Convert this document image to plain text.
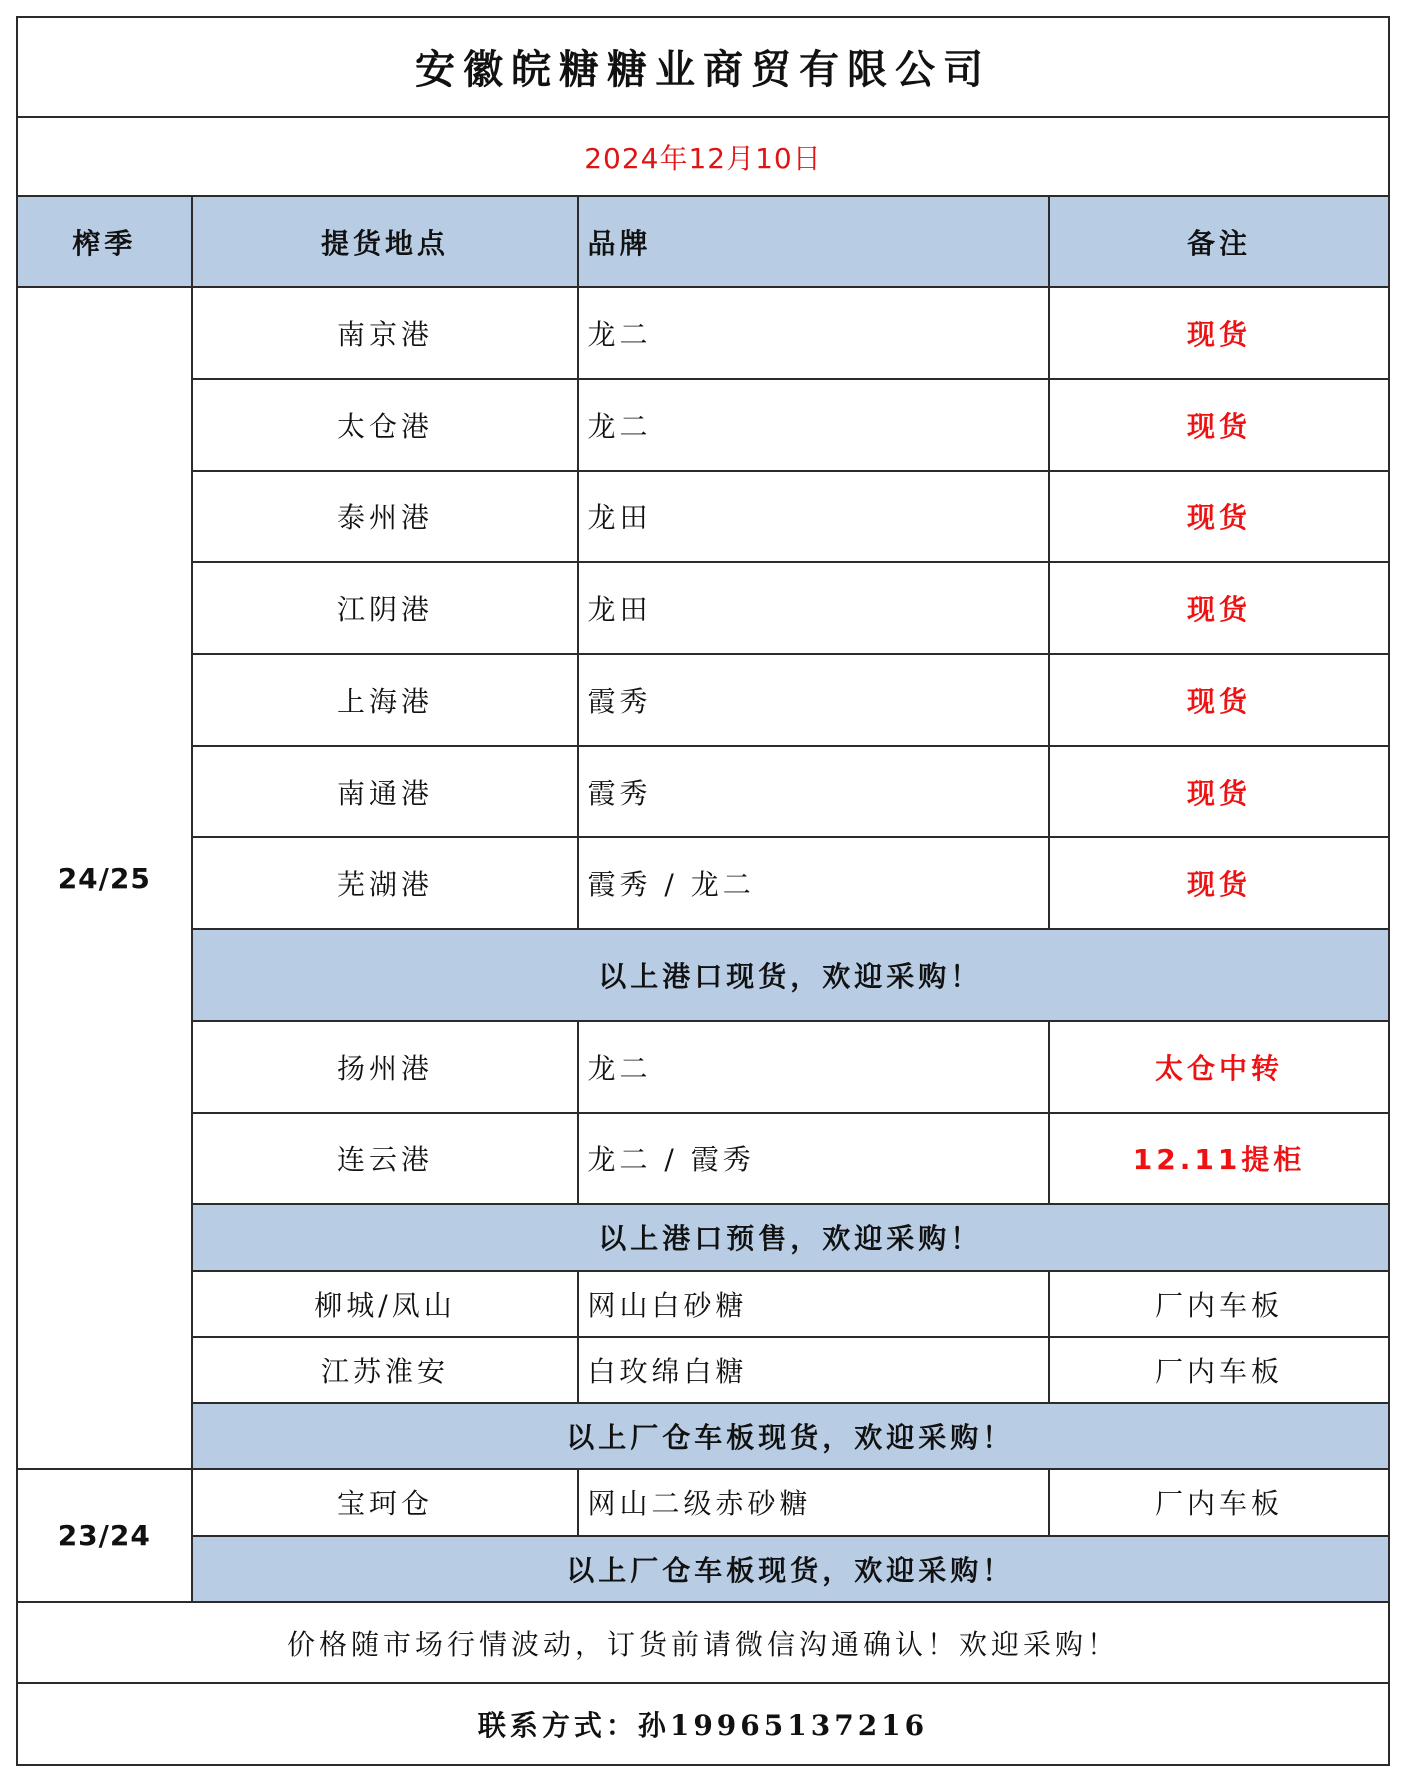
安徽皖糖糖业商贸有限公司			
2024年12月10日			
榨季	提货地点	品牌	备注
24/25	南京港	龙二	现货
	太仓港	龙二	现货
	泰州港	龙田	现货
	江阴港	龙田	现货
	上海港	霞秀	现货
	南通港	霞秀	现货
	芜湖港	霞秀 / 龙二	现货
	以上港口现货，欢迎采购！		
	扬州港	龙二	太仓中转
	连云港	龙二 / 霞秀	12.11提柜
	以上港口预售，欢迎采购！		
	柳城/凤山	网山白砂糖	厂内车板
	江苏淮安	白玫绵白糖	厂内车板
	以上厂仓车板现货，欢迎采购！		
23/24	宝珂仓	网山二级赤砂糖	厂内车板
	以上厂仓车板现货，欢迎采购！		
价格随市场行情波动，订货前请微信沟通确认！欢迎采购！			
联系方式：孙19965137216			
